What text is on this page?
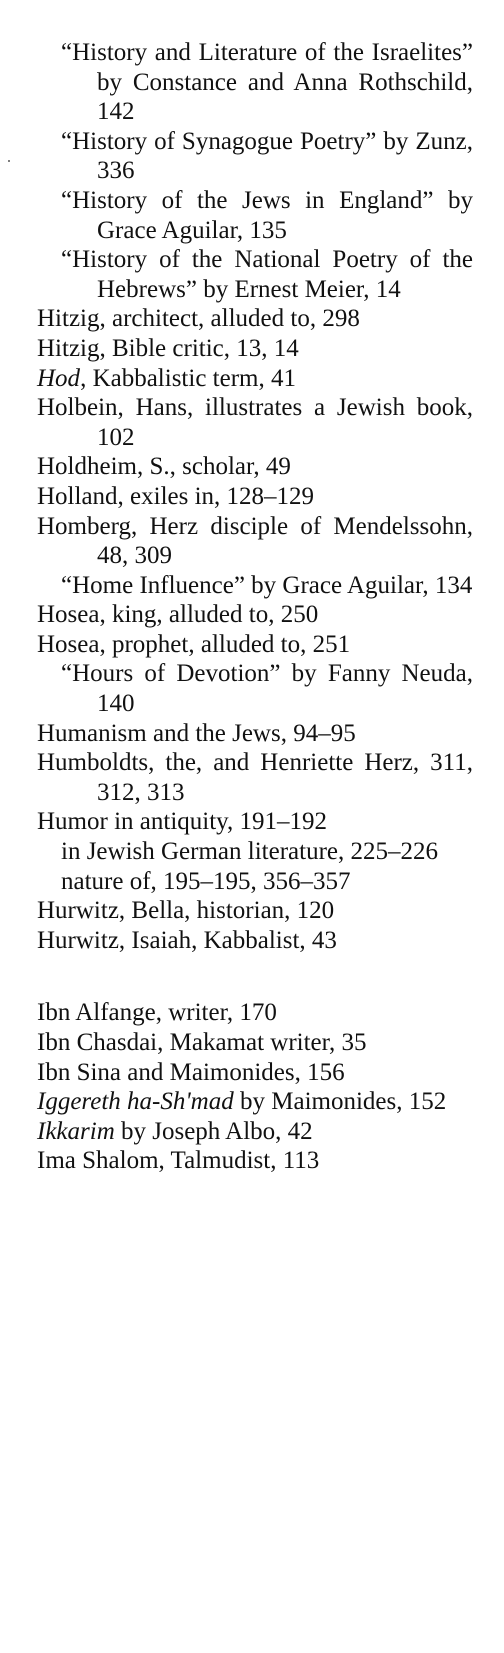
“History and Literature of the Israelites” by Constance and Anna Rothschild, 142

“History of Synagogue Poetry” by Zunz, 336

“History of the Jews in England” by Grace Aguilar, 135

“History of the National Poetry of the Hebrews” by Ernest Meier, 14

Hitzig, architect, alluded to, 298

Hitzig, Bible critic, 13, 14

Hod, Kabbalistic term, 41

Holbein, Hans, illustrates a Jewish book, 102

Holdheim, S., scholar, 49

Holland, exiles in, 128–129

Homberg, Herz disciple of Mendelssohn, 48, 309

“Home Influence” by Grace Aguilar, 134

Hosea, king, alluded to, 250

Hosea, prophet, alluded to, 251

“Hours of Devotion” by Fanny Neuda, 140

Humanism and the Jews, 94–95

Humboldts, the, and Henriette Herz, 311, 312, 313

Humor in antiquity, 191–192

in Jewish German literature, 225–226

nature of, 195–195, 356–357

Hurwitz, Bella, historian, 120

Hurwitz, Isaiah, Kabbalist, 43

Ibn Alfange, writer, 170

Ibn Chasdai, Makamat writer, 35

Ibn Sina and Maimonides, 156

Iggereth ha-Sh'mad by Maimonides, 152

Ikkarim by Joseph Albo, 42

Ima Shalom, Talmudist, 113
